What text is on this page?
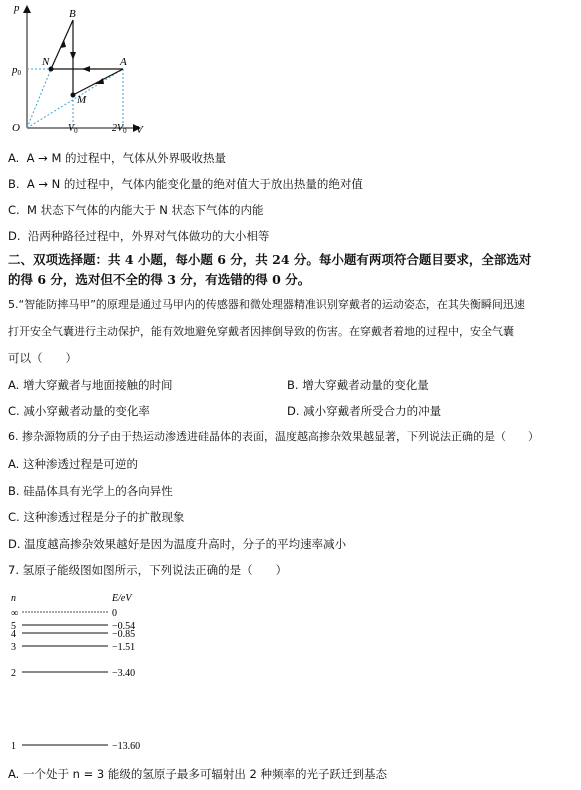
p
V
O
p0
$V_0$	$2V_0$
A
B
N
M
A. A → M 的过程中，气体从外界吸收热量
B. A → N 的过程中，气体内能变化量的绝对值大于放出热量的绝对值
C. M 状态下气体的内能大于 N 状态下气体的内能
D. 沿两种路径过程中，外界对气体做功的大小相等
二、双项选择题：共 4 小题，每小题 6 分，共 24 分。每小题有两项符合题目要求，全部选对
的得 6 分，选对但不全的得 3 分，有选错的得 0 分。
5.“智能防摔马甲”的原理是通过马甲内的传感器和微处理器精准识别穿戴者的运动姿态，在其失衡瞬间迅速
打开安全气囊进行主动保护，能有效地避免穿戴者因摔倒导致的伤害。在穿戴者着地的过程中，安全气囊
可以（　　）
A. 增大穿戴者与地面接触的时间	B. 增大穿戴者动量的变化量
C. 减小穿戴者动量的变化率	D. 减小穿戴者所受合力的冲量
6. 掺杂源物质的分子由于热运动渗透进硅晶体的表面，温度越高掺杂效果越显著，下列说法正确的是（　　）
A. 这种渗透过程是可逆的
B. 硅晶体具有光学上的各向异性
C. 这种渗透过程是分子的扩散现象
D. 温度越高掺杂效果越好是因为温度升高时，分子的平均速率减小
7. 氢原子能级图如图所示，下列说法正确的是（　　）
n	E/eV
∞	0
5	−0.54
4	−0.85
3	−1.51
2	−3.40
1	−13.60
A. 一个处于 n = 3 能级的氢原子最多可辐射出 2 种频率的光子跃迁到基态
